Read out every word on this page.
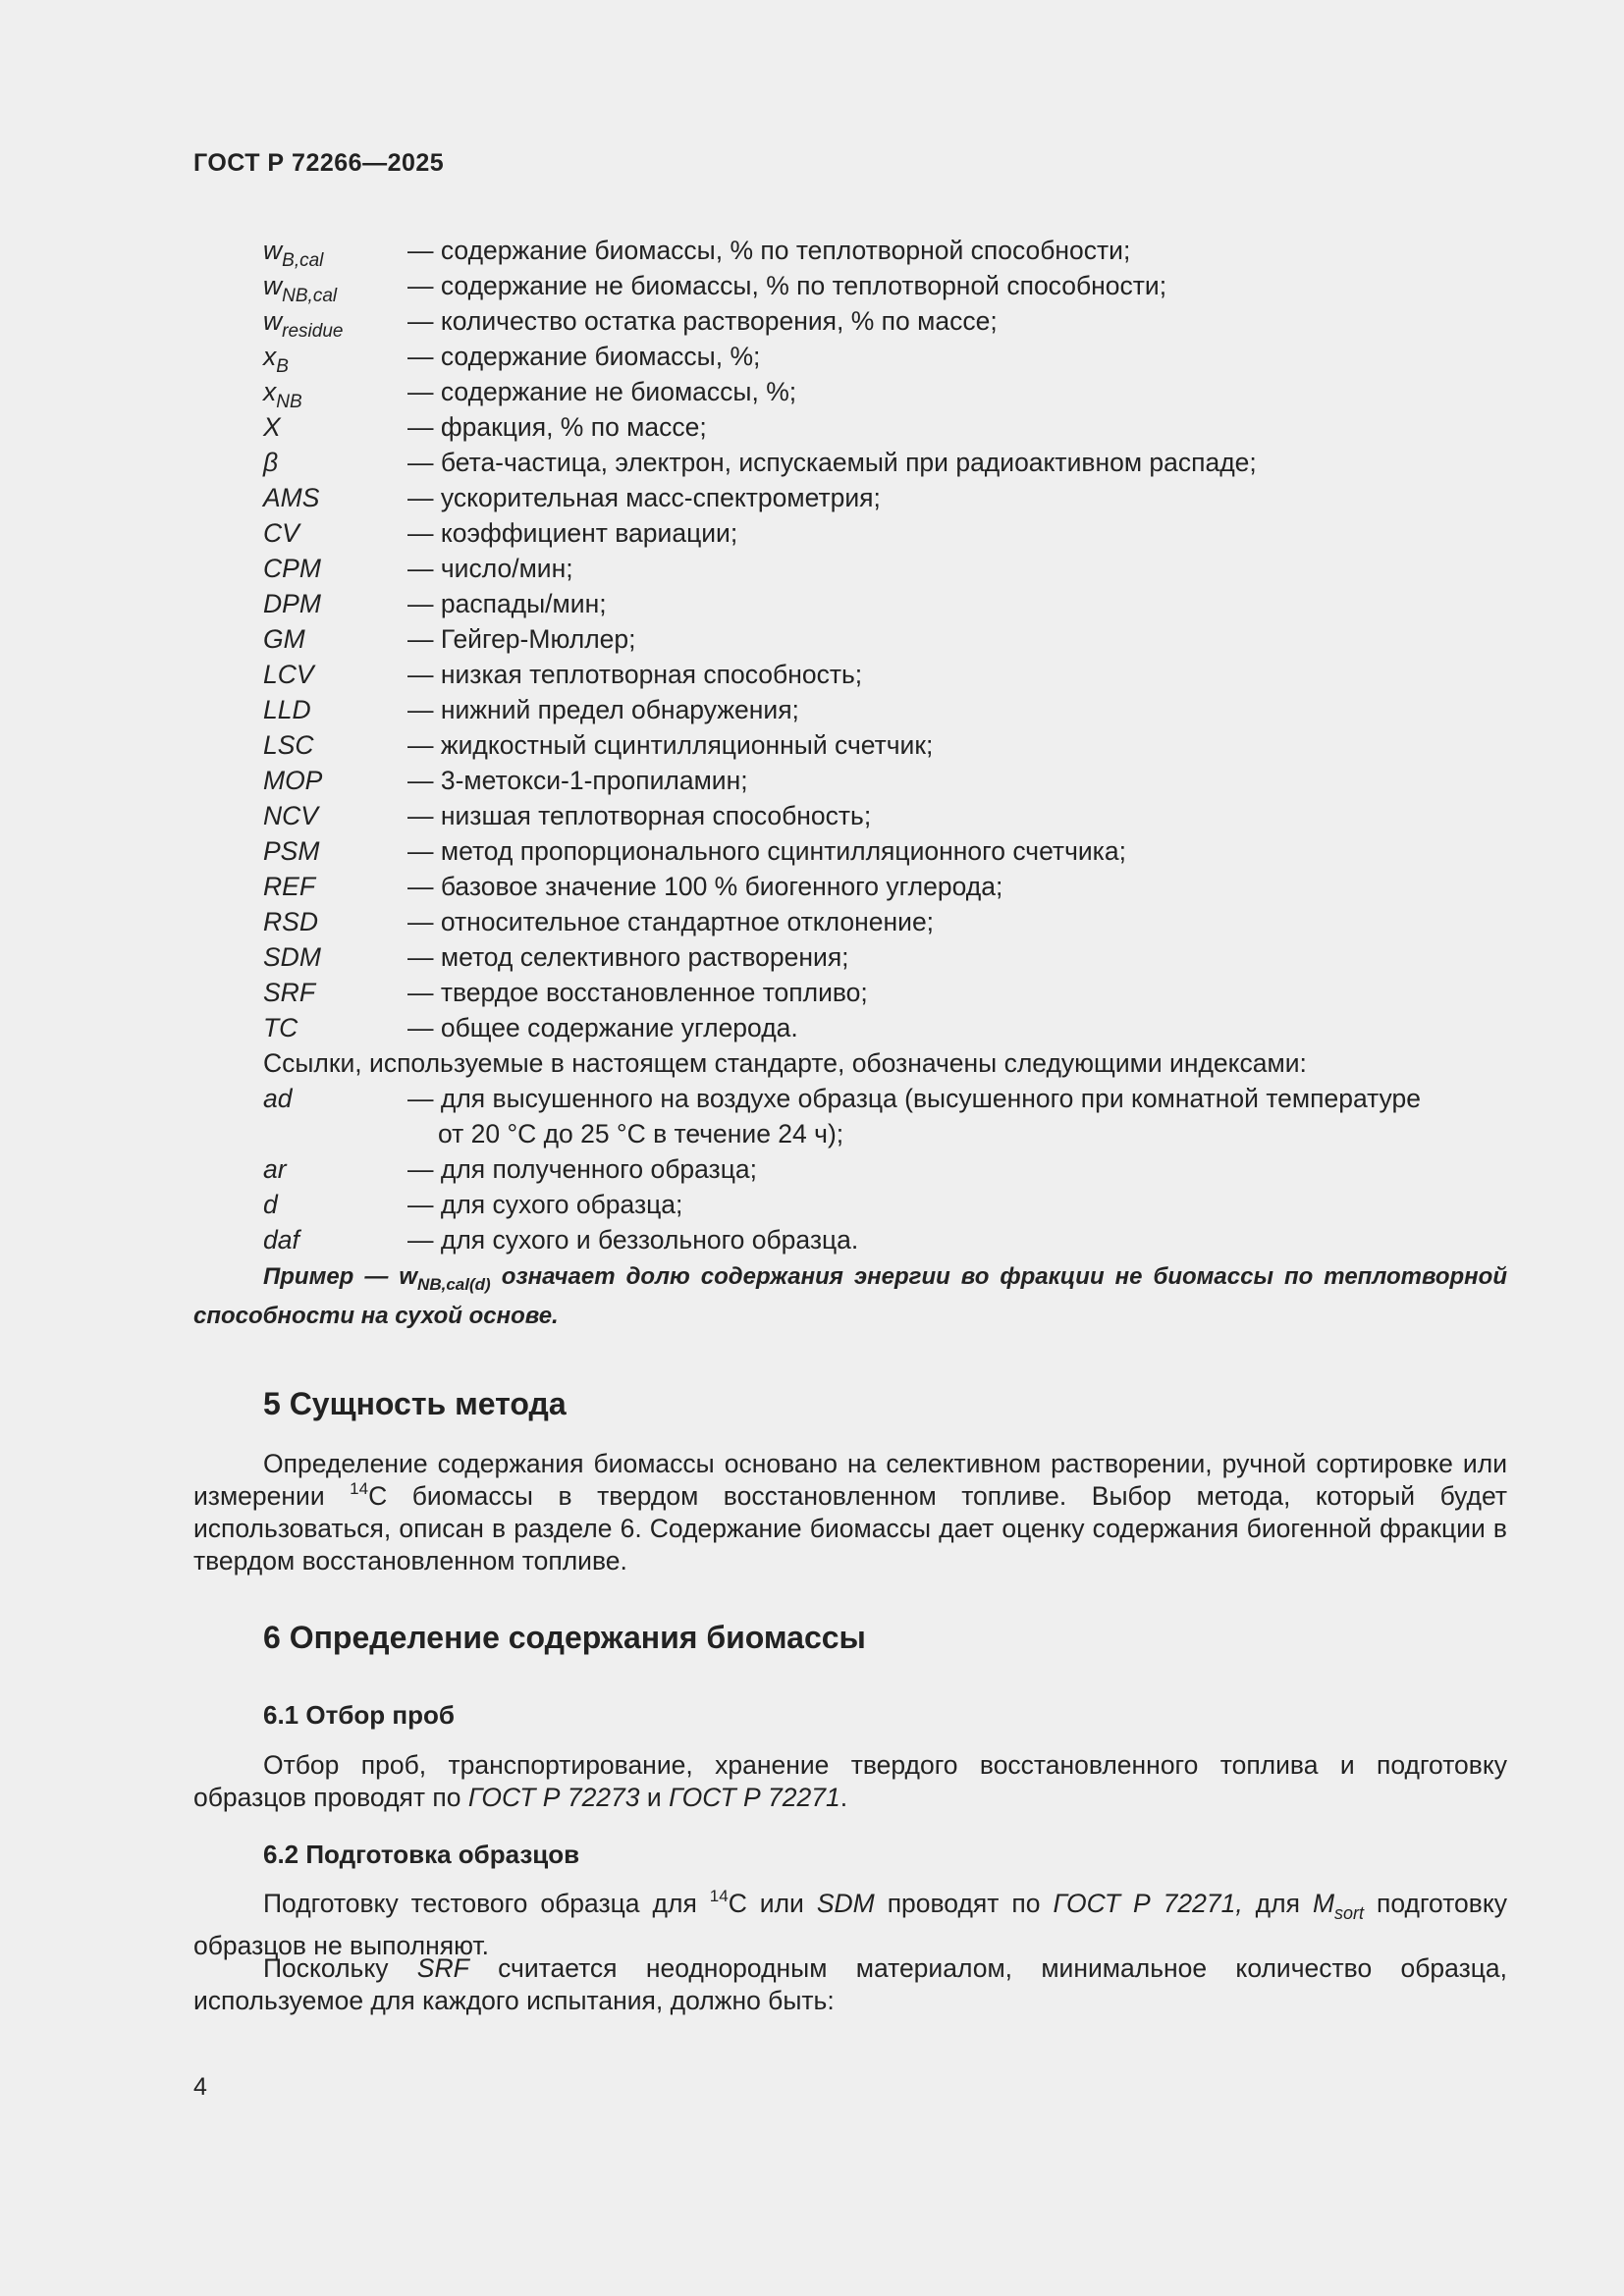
ГОСТ Р 72266—2025
$w_{B,cal}$	— содержание биомассы, % по теплотворной способности;
$w_{NB,cal}$	— содержание не биомассы, % по теплотворной способности;
$w_{residue}$	— количество остатка растворения, % по массе;
$x_B$	— содержание биомассы, %;
$x_{NB}$	— содержание не биомассы, %;
X	— фракция, % по массе;
β	— бета-частица, электрон, испускаемый при радиоактивном распаде;
AMS	— ускорительная масс-спектрометрия;
CV	— коэффициент вариации;
CPM	— число/мин;
DPM	— распады/мин;
GM	— Гейгер-Мюллер;
LCV	— низкая теплотворная способность;
LLD	— нижний предел обнаружения;
LSC	— жидкостный сцинтилляционный счетчик;
MOP	— 3-метокси-1-пропиламин;
NCV	— низшая теплотворная способность;
PSM	— метод пропорционального сцинтилляционного счетчика;
REF	— базовое значение 100 % биогенного углерода;
RSD	— относительное стандартное отклонение;
SDM	— метод селективного растворения;
SRF	— твердое восстановленное топливо;
TC	— общее содержание углерода.
Ссылки, используемые в настоящем стандарте, обозначены следующими индексами:
ad	— для высушенного на воздухе образца (высушенного при комнатной температуре
от 20 °С до 25 °С в течение 24 ч);
ar	— для полученного образца;
d	— для сухого образца;
daf	— для сухого и беззольного образца.

Пример — $w_{NB,cal(d)}$ означает долю содержания энергии во фракции не биомассы по теплотворной способности на сухой основе.

5 Сущность метода

Определение содержания биомассы основано на селективном растворении, ручной сортировке или измерении $^{14}$С биомассы в твердом восстановленном топливе. Выбор метода, который будет использоваться, описан в разделе 6. Содержание биомассы дает оценку содержания биогенной фракции в твердом восстановленном топливе.

6 Определение содержания биомассы
6.1 Отбор проб

Отбор проб, транспортирование, хранение твердого восстановленного топлива и подготовку образцов проводят по ГОСТ Р 72273 и ГОСТ Р 72271.

6.2 Подготовка образцов

Подготовку тестового образца для $^{14}$С или SDM проводят по ГОСТ Р 72271, для $M_{sort}$ подготовку образцов не выполняют.

Поскольку SRF считается неоднородным материалом, минимальное количество образца, используемое для каждого испытания, должно быть:

4
